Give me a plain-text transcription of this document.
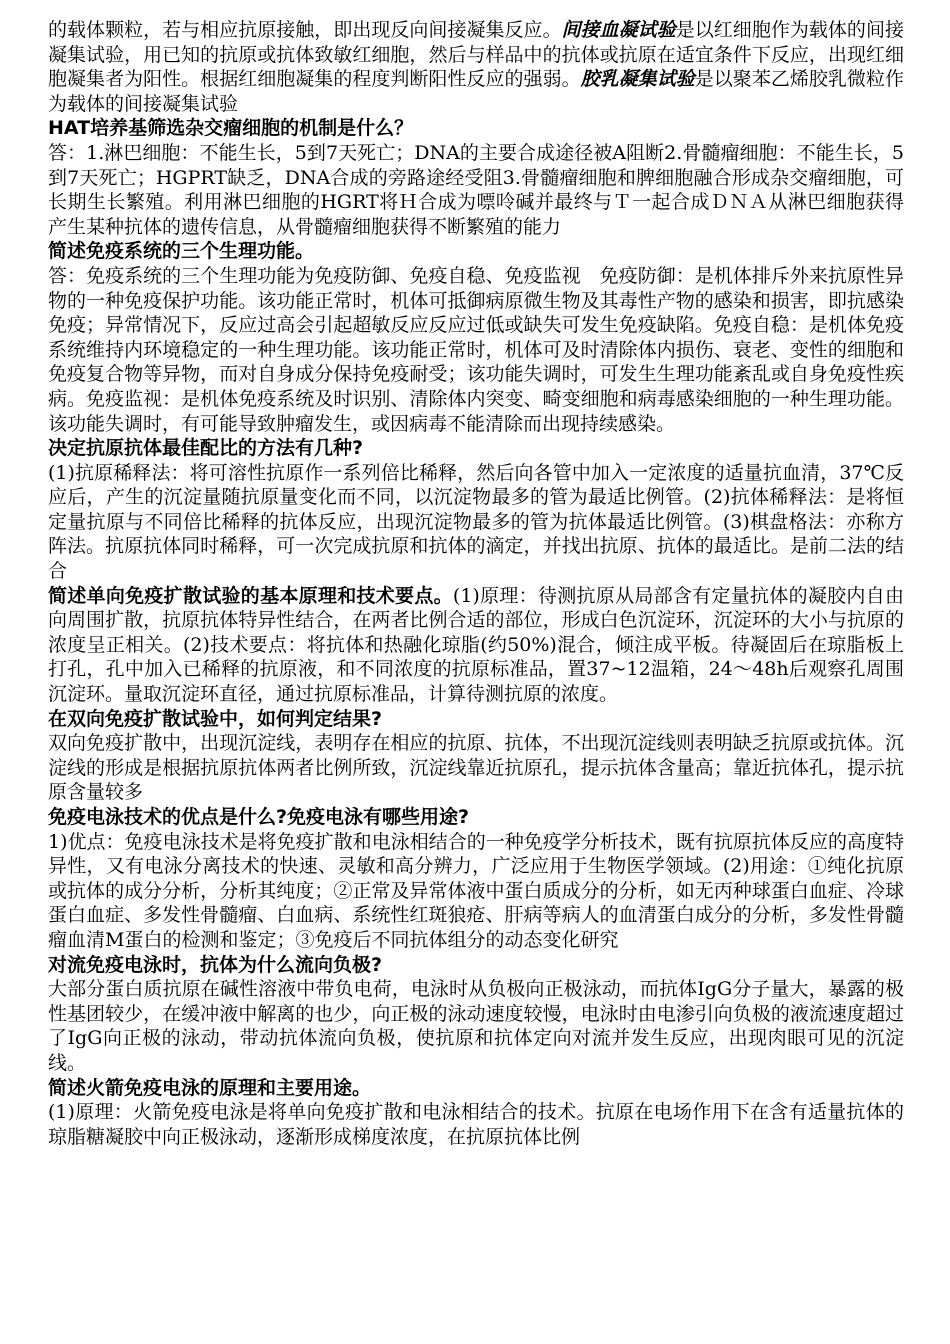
的载体颗粒，若与相应抗原接触，即出现反向间接凝集反应。间接血凝试验是以红细胞作为载体的间接凝集试验，用已知的抗原或抗体致敏红细胞，然后与样品中的抗体或抗原在适宜条件下反应，出现红细胞凝集者为阳性。根据红细胞凝集的程度判断阳性反应的强弱。胶乳凝集试验是以聚苯乙烯胶乳微粒作为载体的间接凝集试验

HAT培养基筛选杂交瘤细胞的机制是什么？

答：1.淋巴细胞：不能生长，5到7天死亡；DNA的主要合成途径被A阻断2.骨髓瘤细胞：不能生长，5到7天死亡；HGPRT缺乏，DNA合成的旁路途经受阻3.骨髓瘤细胞和脾细胞融合形成杂交瘤细胞，可长期生长繁殖。利用淋巴细胞的HGRT将Ｈ合成为嘌呤碱并最终与Ｔ一起合成ＤＮＡ从淋巴细胞获得产生某种抗体的遗传信息，从骨髓瘤细胞获得不断繁殖的能力

简述免疫系统的三个生理功能。

答：免疫系统的三个生理功能为免疫防御、免疫自稳、免疫监视　免疫防御：是机体排斥外来抗原性异物的一种免疫保护功能。该功能正常时，机体可抵御病原微生物及其毒性产物的感染和损害，即抗感染免疫；异常情况下，反应过高会引起超敏反应反应过低或缺失可发生免疫缺陷。免疫自稳：是机体免疫系统维持内环境稳定的一种生理功能。该功能正常时，机体可及时清除体内损伤、衰老、变性的细胞和免疫复合物等异物，而对自身成分保持免疫耐受；该功能失调时，可发生生理功能紊乱或自身免疫性疾病。免疫监视：是机体免疫系统及时识别、清除体内突变、畸变细胞和病毒感染细胞的一种生理功能。该功能失调时，有可能导致肿瘤发生，或因病毒不能清除而出现持续感染。

决定抗原抗体最佳配比的方法有几种?

(1)抗原稀释法：将可溶性抗原作一系列倍比稀释，然后向各管中加入一定浓度的适量抗血清，37℃反应后，产生的沉淀量随抗原量变化而不同，以沉淀物最多的管为最适比例管。(2)抗体稀释法：是将恒定量抗原与不同倍比稀释的抗体反应，出现沉淀物最多的管为抗体最适比例管。(3)棋盘格法：亦称方阵法。抗原抗体同时稀释，可一次完成抗原和抗体的滴定，并找出抗原、抗体的最适比。是前二法的结合

简述单向免疫扩散试验的基本原理和技术要点。(1)原理：待测抗原从局部含有定量抗体的凝胶内自由向周围扩散，抗原抗体特异性结合，在两者比例合适的部位，形成白色沉淀环，沉淀环的大小与抗原的浓度呈正相关。(2)技术要点：将抗体和热融化琼脂(约50%)混合，倾注成平板。待凝固后在琼脂板上打孔，孔中加入已稀释的抗原液，和不同浓度的抗原标准品，置37~12温箱，24～48h后观察孔周围沉淀环。量取沉淀环直径，通过抗原标准品，计算待测抗原的浓度。

在双向免疫扩散试验中，如何判定结果?

双向免疫扩散中，出现沉淀线，表明存在相应的抗原、抗体，不出现沉淀线则表明缺乏抗原或抗体。沉淀线的形成是根据抗原抗体两者比例所致，沉淀线靠近抗原孔，提示抗体含量高；靠近抗体孔，提示抗原含量较多

免疫电泳技术的优点是什么?免疫电泳有哪些用途?

1)优点：免疫电泳技术是将免疫扩散和电泳相结合的一种免疫学分析技术，既有抗原抗体反应的高度特异性，又有电泳分离技术的快速、灵敏和高分辨力，广泛应用于生物医学领域。(2)用途：①纯化抗原或抗体的成分分析，分析其纯度；②正常及异常体液中蛋白质成分的分析，如无丙种球蛋白血症、冷球蛋白血症、多发性骨髓瘤、白血病、系统性红斑狼疮、肝病等病人的血清蛋白成分的分析，多发性骨髓瘤血清M蛋白的检测和鉴定；③免疫后不同抗体组分的动态变化研究

对流免疫电泳时，抗体为什么流向负极?

大部分蛋白质抗原在碱性溶液中带负电荷，电泳时从负极向正极泳动，而抗体IgG分子量大，暴露的极性基团较少，在缓冲液中解离的也少，向正极的泳动速度较慢，电泳时由电渗引向负极的液流速度超过了IgG向正极的泳动，带动抗体流向负极，使抗原和抗体定向对流并发生反应，出现肉眼可见的沉淀线。

简述火箭免疫电泳的原理和主要用途。

(1)原理：火箭免疫电泳是将单向免疫扩散和电泳相结合的技术。抗原在电场作用下在含有适量抗体的琼脂糖凝胶中向正极泳动，逐渐形成梯度浓度，在抗原抗体比例
